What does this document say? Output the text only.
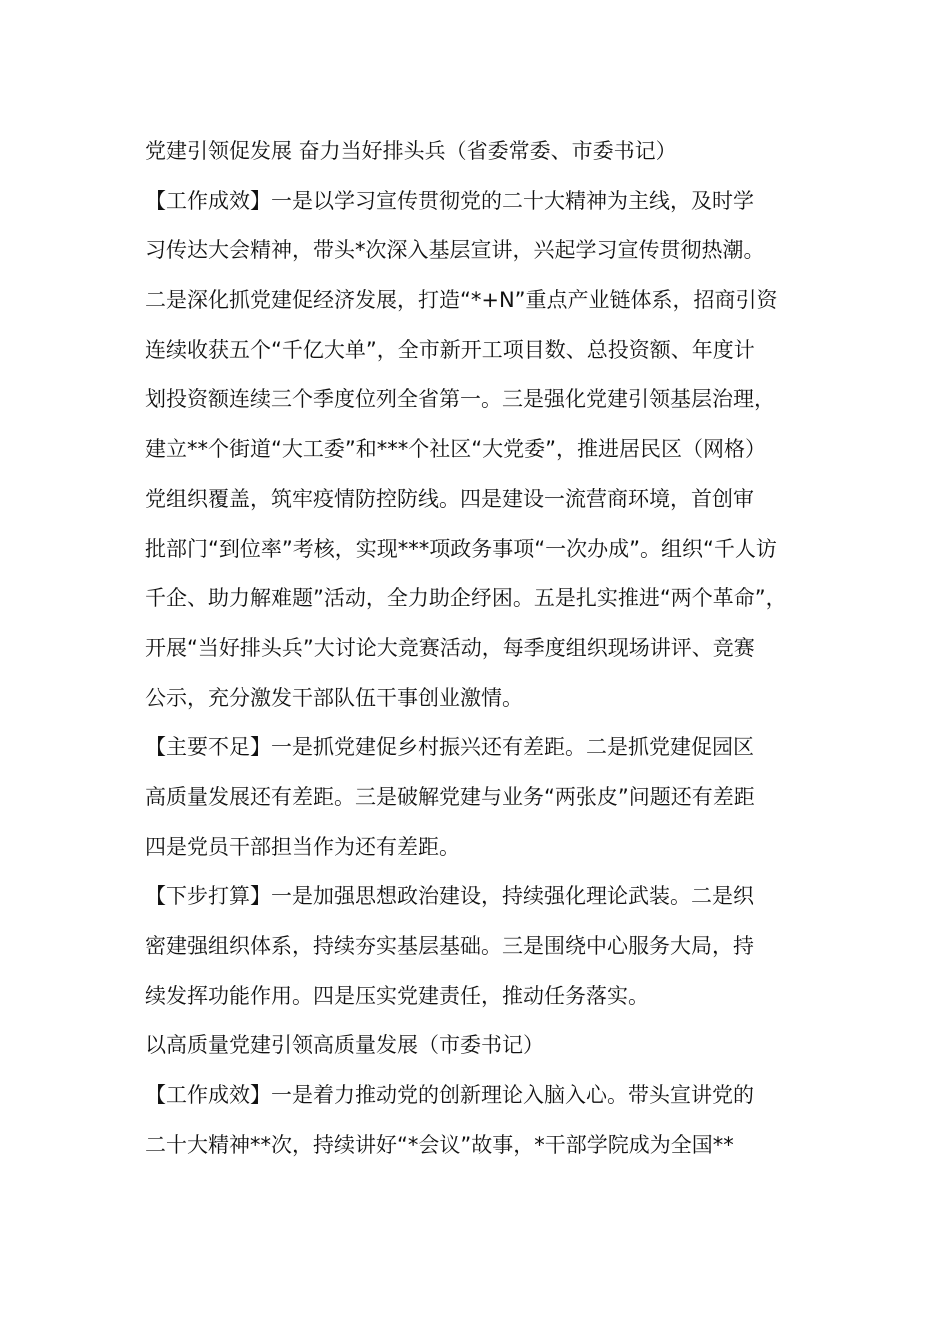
党建引领促发展 奋力当好排头兵（省委常委、市委书记）
【工作成效】一是以学习宣传贯彻党的二十大精神为主线，及时学
习传达大会精神，带头*次深入基层宣讲，兴起学习宣传贯彻热潮。
二是深化抓党建促经济发展，打造“*+N”重点产业链体系，招商引资
连续收获五个“千亿大单”，全市新开工项目数、总投资额、年度计
划投资额连续三个季度位列全省第一。三是强化党建引领基层治理，
建立**个街道“大工委”和***个社区“大党委”，推进居民区（网格）
党组织覆盖，筑牢疫情防控防线。四是建设一流营商环境，首创审
批部门“到位率”考核，实现***项政务事项“一次办成”。组织“千人访
千企、助力解难题”活动，全力助企纾困。五是扎实推进“两个革命”，
开展“当好排头兵”大讨论大竞赛活动，每季度组织现场讲评、竞赛
公示，充分激发干部队伍干事创业激情。
【主要不足】一是抓党建促乡村振兴还有差距。二是抓党建促园区
高质量发展还有差距。三是破解党建与业务“两张皮”问题还有差距
四是党员干部担当作为还有差距。
【下步打算】一是加强思想政治建设，持续强化理论武装。二是织
密建强组织体系，持续夯实基层基础。三是围绕中心服务大局，持
续发挥功能作用。四是压实党建责任，推动任务落实。
以高质量党建引领高质量发展（市委书记）
【工作成效】一是着力推动党的创新理论入脑入心。带头宣讲党的
二十大精神**次，持续讲好“*会议”故事，*干部学院成为全国**
